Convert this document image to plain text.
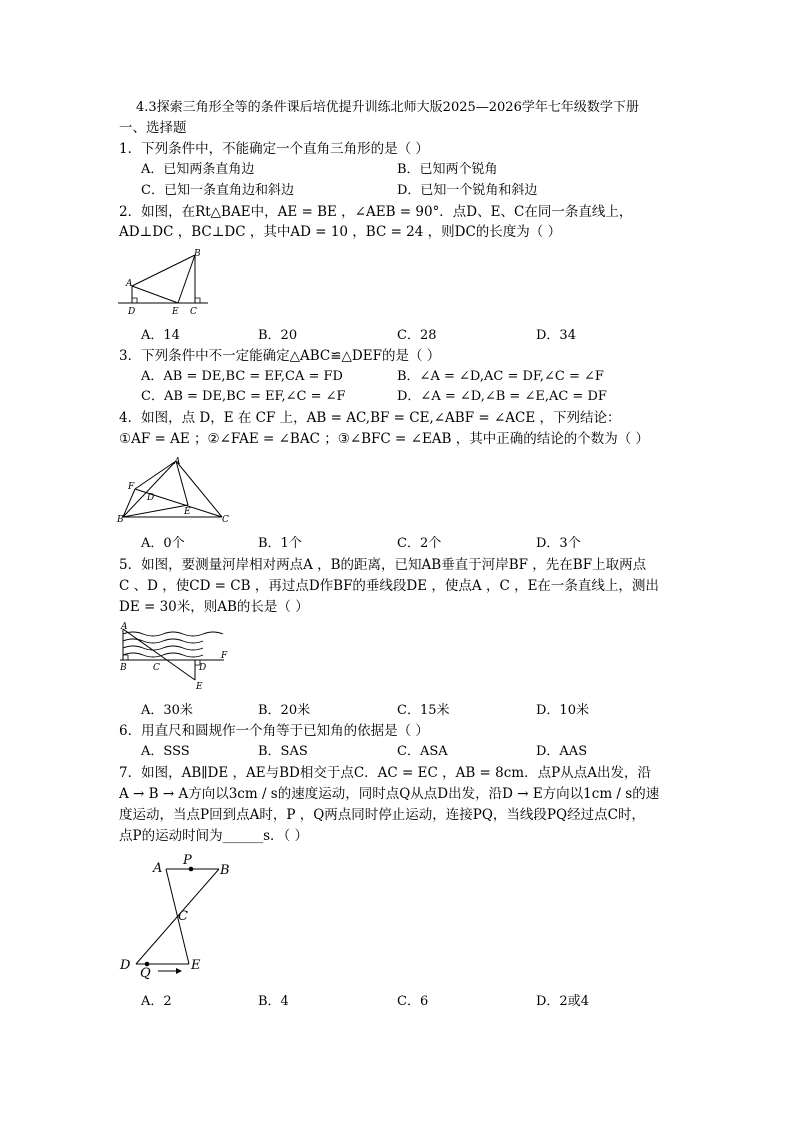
4.3探索三角形全等的条件课后培优提升训练北师大版2025—2026学年七年级数学下册
一、选择题
1．下列条件中，不能确定一个直角三角形的是（ ）
A．已知两条直角边	B．已知两个锐角
C．已知一条直角边和斜边	D．已知一个锐角和斜边
2．如图，在Rt△BAE中，AE = BE ，∠AEB = 90°．点D、E、C在同一条直线上，
AD⊥DC ，BC⊥DC ，其中AD = 10 ，BC = 24 ，则DC的长度为（ ）
A
B
D	E C
A．14	B．20	C．28	D．34
3．下列条件中不一定能确定△ABC≌△DEF的是（ ）
A．AB = DE,BC = EF,CA = FD	B．∠A = ∠D,AC = DF,∠C = ∠F
C．AB = DE,BC = EF,∠C = ∠F	D．∠A = ∠D,∠B = ∠E,AC = DF
4．如图，点 D，E 在 CF 上，AB = AC,BF = CE,∠ABF = ∠ACE ，下列结论：
①AF = AE ；②∠FAE = ∠BAC ；③∠BFC = ∠EAB ，其中正确的结论的个数为（ ）
A
F
D
E
B	C
A．0个	B．1个	C．2个	D．3个
5．如图，要测量河岸相对两点A ，B的距离，已知AB垂直于河岸BF ，先在BF上取两点
C 、D ，使CD = CB ，再过点D作BF的垂线段DE ，使点A ，C ，E在一条直线上，测出
DE = 30米，则AB的长是（ ）
A
B	C	D
F
E
A．30米	B．20米	C．15米	D．10米
6．用直尺和圆规作一个角等于已知角的依据是（ ）
A．SSS	B．SAS	C．ASA	D．AAS
7．如图，AB∥DE ，AE与BD相交于点C．AC = EC ，AB = 8cm．点P从点A出发，沿
A → B → A方向以3cm / s的速度运动，同时点Q从点D出发，沿D → E方向以1cm / s的速
度运动，当点P回到点A时，P ，Q两点同时停止运动，连接PQ，当线段PQ经过点C时，
点P的运动时间为______s．（ ）
A
P
B
C
D
Q
E
A．2	B．4	C．6	D．2或4
